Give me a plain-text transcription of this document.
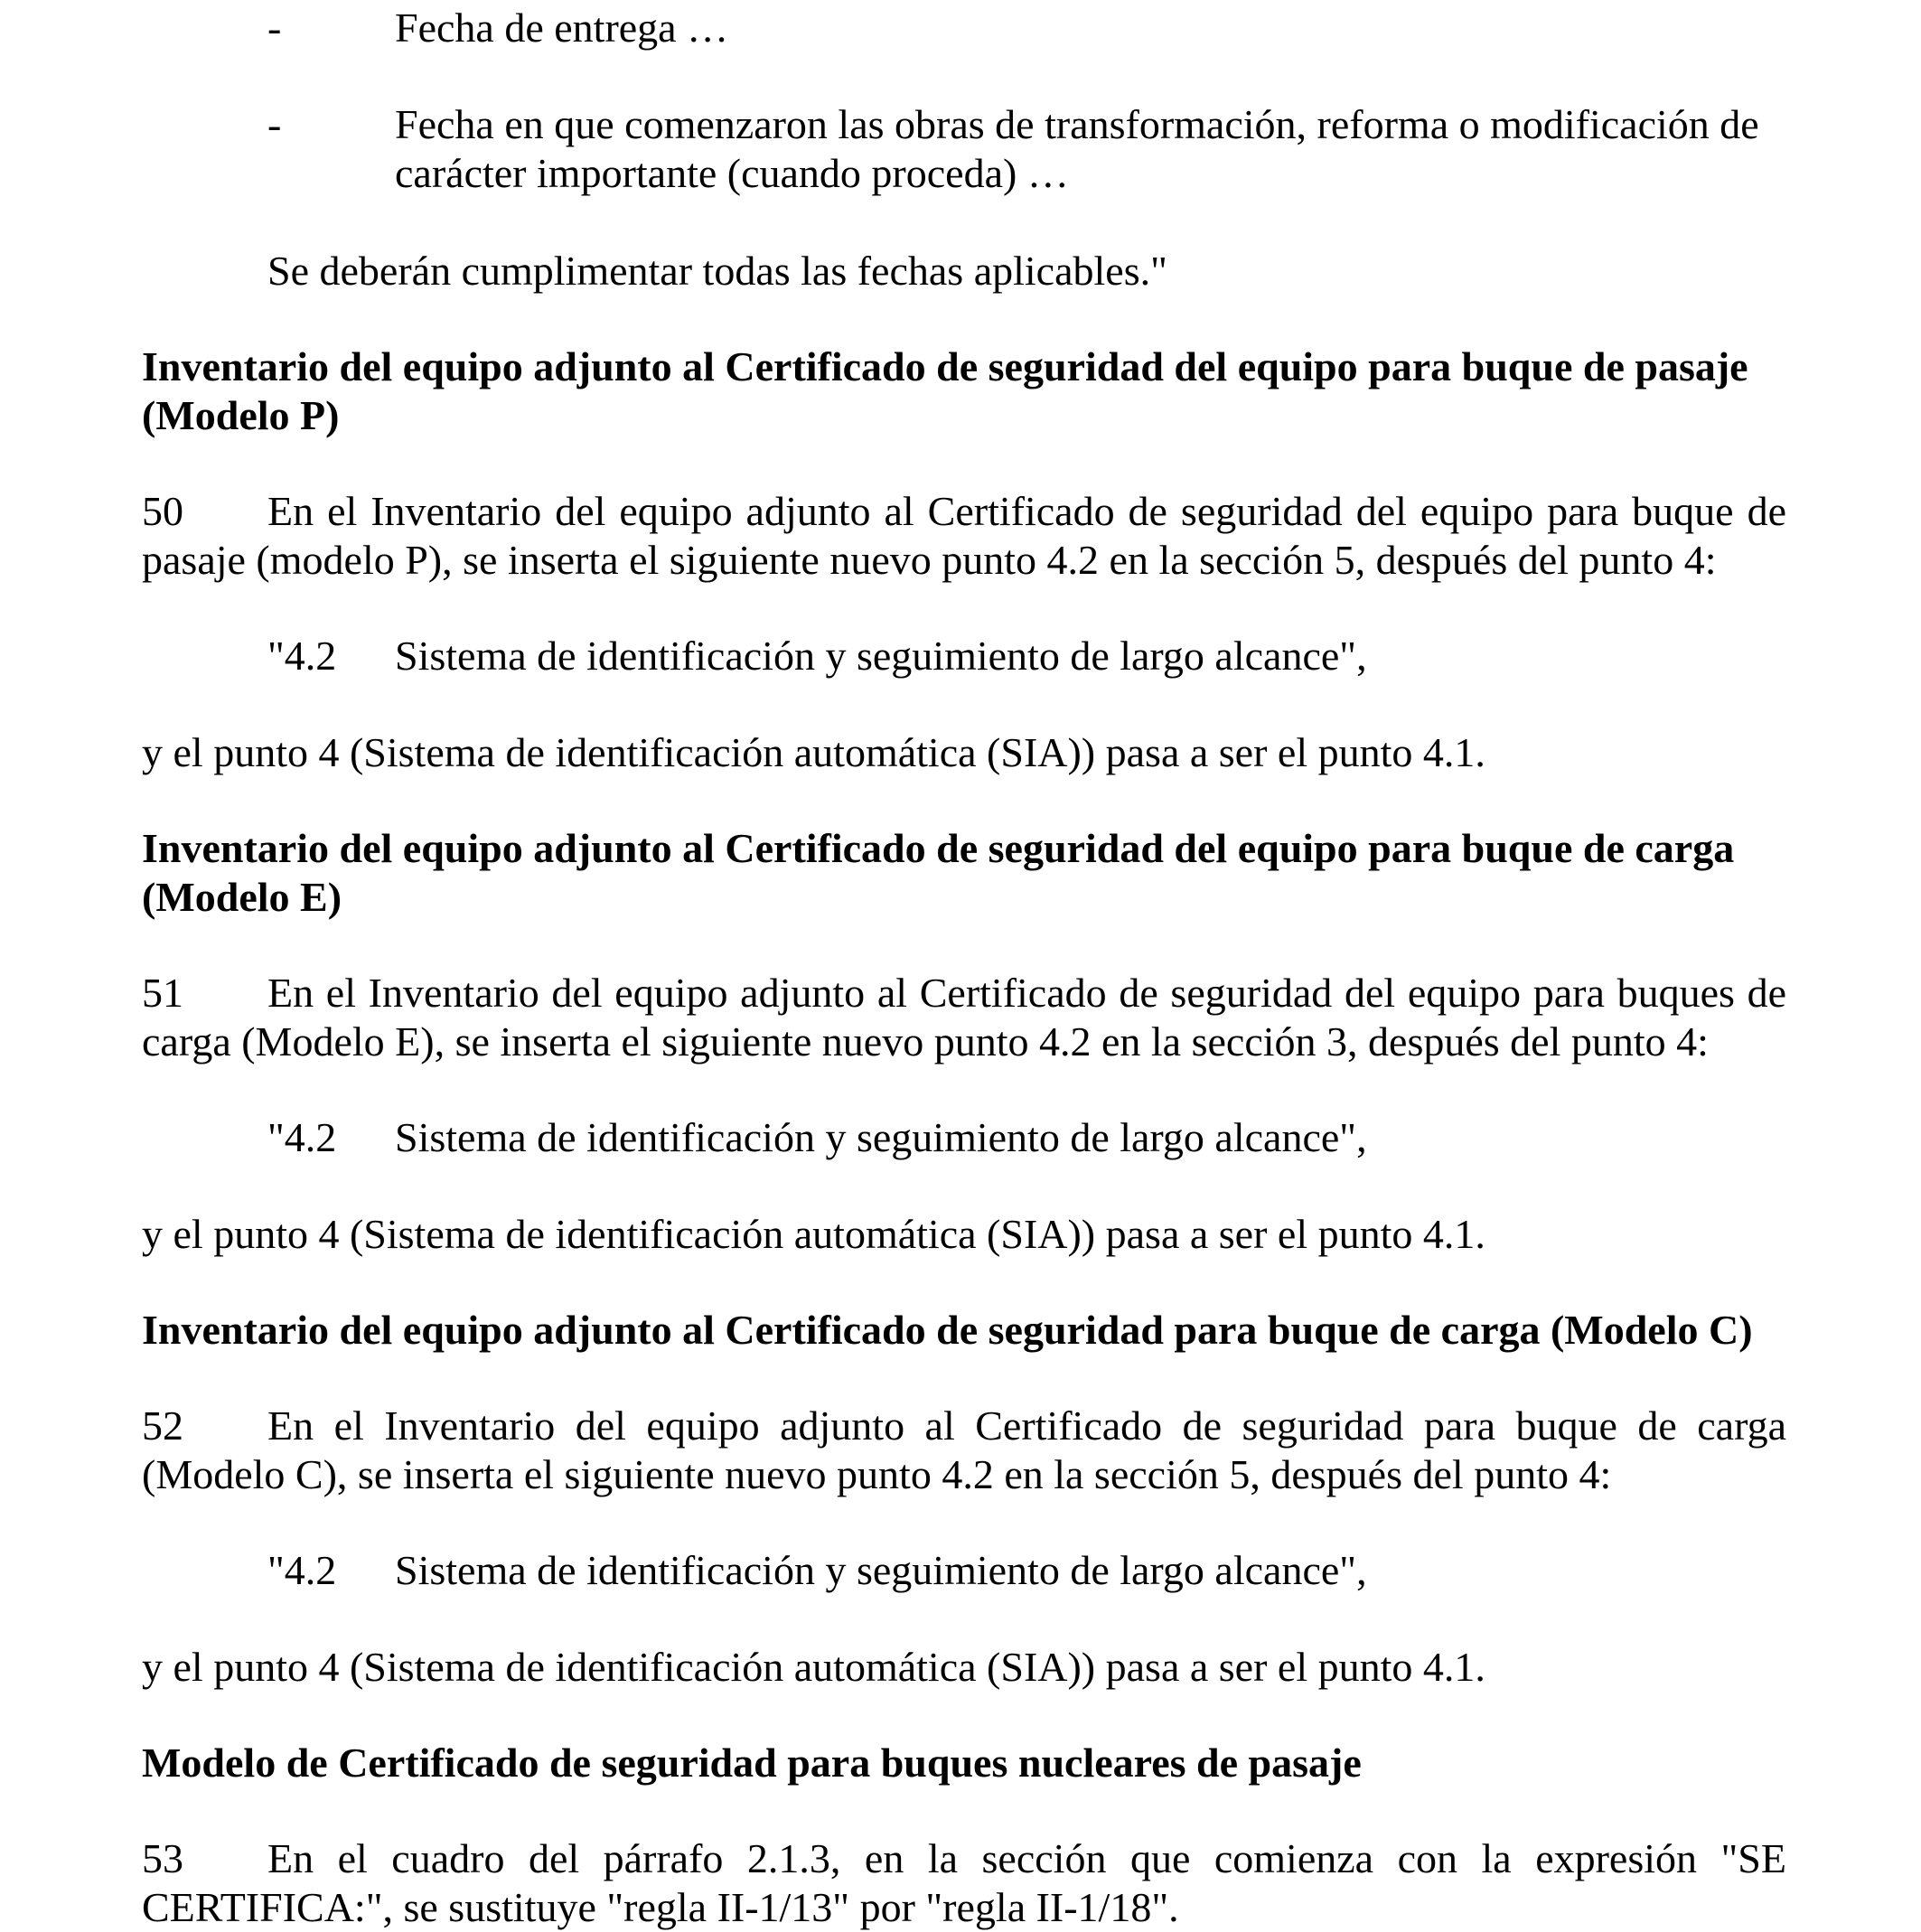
-	Fecha de entrega …
-	Fecha en que comenzaron las obras de transformación, reforma o modificación de carácter importante (cuando proceda) …
Se deberán cumplimentar todas las fechas aplicables."
Inventario del equipo adjunto al Certificado de seguridad del equipo para buque de pasaje (Modelo P)
50 En el Inventario del equipo adjunto al Certificado de seguridad del equipo para buque de pasaje (modelo P), se inserta el siguiente nuevo punto 4.2 en la sección 5, después del punto 4:
"4.2 Sistema de identificación y seguimiento de largo alcance",
y el punto 4 (Sistema de identificación automática (SIA)) pasa a ser el punto 4.1.
Inventario del equipo adjunto al Certificado de seguridad del equipo para buque de carga (Modelo E)
51 En el Inventario del equipo adjunto al Certificado de seguridad del equipo para buques de carga (Modelo E), se inserta el siguiente nuevo punto 4.2 en la sección 3, después del punto 4:
"4.2 Sistema de identificación y seguimiento de largo alcance",
y el punto 4 (Sistema de identificación automática (SIA)) pasa a ser el punto 4.1.
Inventario del equipo adjunto al Certificado de seguridad para buque de carga (Modelo C)
52 En el Inventario del equipo adjunto al Certificado de seguridad para buque de carga (Modelo C), se inserta el siguiente nuevo punto 4.2 en la sección 5, después del punto 4:
"4.2 Sistema de identificación y seguimiento de largo alcance",
y el punto 4 (Sistema de identificación automática (SIA)) pasa a ser el punto 4.1.
Modelo de Certificado de seguridad para buques nucleares de pasaje
53 En el cuadro del párrafo 2.1.3, en la sección que comienza con la expresión "SE CERTIFICA:", se sustituye "regla II-1/13" por "regla II-1/18".
